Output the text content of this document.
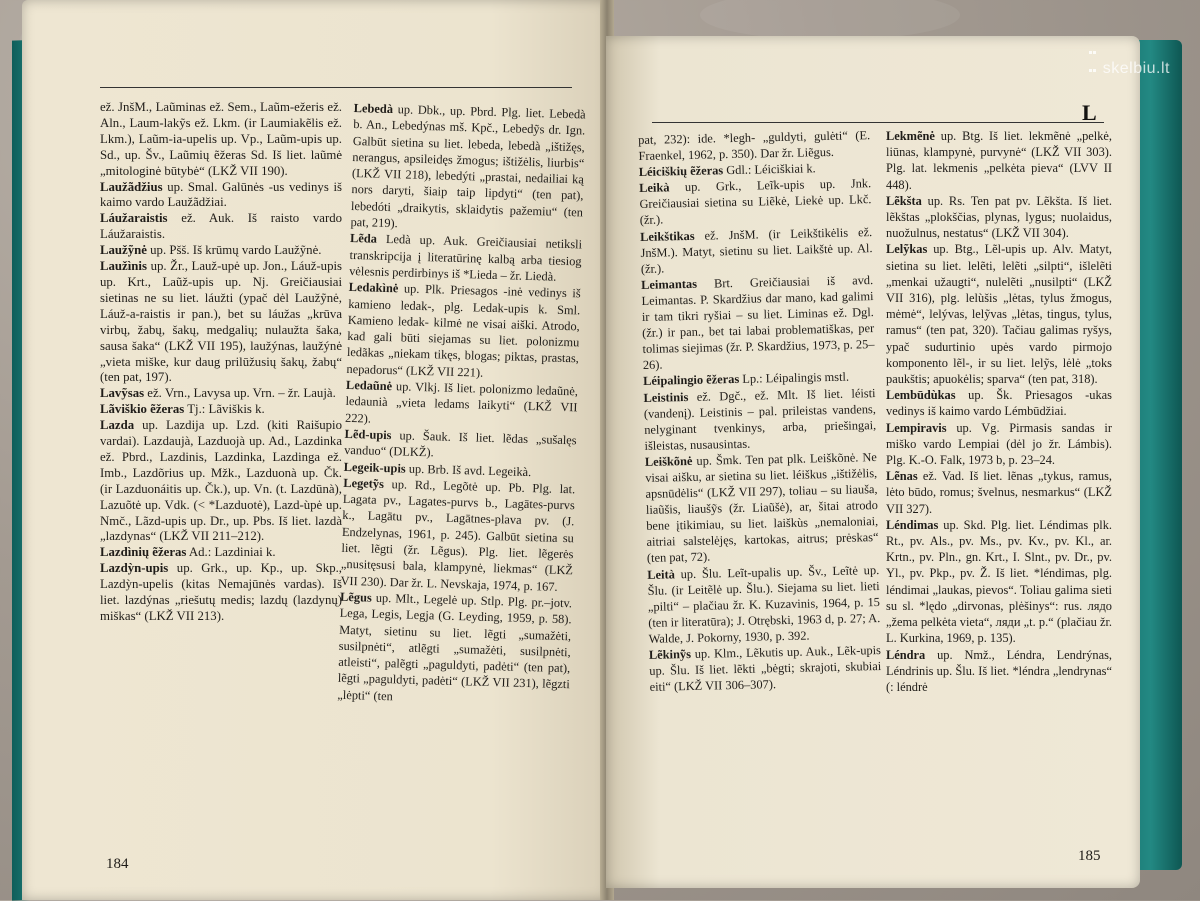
ež. JnšM., Laũminas ež. Sem., Laũm-ežeris ež. Aln., Laum-lakỹs ež. Lkm. (ir Laumiakẽlis ež. Lkm.), Laũm-ia-upelis up. Vp., Laũm-upis up. Sd., up. Šv., Laũmių ẽžeras Sd. Iš liet. laũmė „mitologinė būtybė“ (LKŽ VII 190).
Laužãdžius up. Smal. Galūnės -us vedinys iš kaimo vardo Laužãdžiai.
Láužaraistis ež. Auk. Iš raisto vardo Láužaraistis.
Laužỹnė up. Pšš. Iš krūmų vardo Laužỹnė.
Laužìnis up. Žr., Lauž-upė up. Jon., Láuž-upis up. Krt., Laũž-upis up. Nj. Greičiausiai sietinas ne su liet. láužti (ypač dėl Laužỹnė, Láuž-a-raistis ir pan.), bet su láužas „krūva virbų, žabų, šakų, medgalių; nulaužta šaka, sausa šaka“ (LKŽ VII 195), laužýnas, laužýnė „vieta miške, kur daug prilūžusių šakų, žabų“ (ten pat, 197).
Lavỹsas ež. Vrn., Lavysa up. Vrn. – žr. Laujà.
Lãviškio ẽžeras Tj.: Lãviškis k.
Lazda up. Lazdija up. Lzd. (kiti Raišupio vardai). Lazdaujà, Lazduojà up. Ad., Lazdinka ež. Pbrd., Lazdinis, Lazdinka, Lazdinga ež. Imb., Lazdõrius up. Mžk., Lazduonà up. Čk. (ir Lazduonáitis up. Čk.), up. Vn. (t. Lazdūnà), Lazuõtė up. Vdk. (< *Lazduotė), Lazd-ùpė up. Nmč., Lãzd-upis up. Dr., up. Pbs. Iš liet. lazdà „lazdynas“ (LKŽ VII 211–212).
Lazdìnių ẽžeras Ad.: Lazdiniai k.
Lazdỳn-upis up. Grk., up. Kp., up. Skp., Lazdỳn-upelis (kitas Nemajūnės vardas). Iš liet. lazdýnas „riešutų medis; lazdų (lazdynų) miškas“ (LKŽ VII 213).
Lebedà up. Dbk., up. Pbrd. Plg. liet. Lebedà b. An., Lebedýnas mš. Kpč., Lebedỹs dr. Ign. Galbūt sietina su liet. lebeda, lebedà „ištižęs, nerangus, apsileidęs žmogus; ištižėlis, liurbis“ (LKŽ VII 218), lebedýti „prastai, nedailiai ką nors daryti, šiaip taip lipdyti“ (ten pat), lebedóti „draikytis, sklaidytis pažemiu“ (ten pat, 219).
Lẽda Ledà up. Auk. Greičiausiai netiksli transkripcija į literatūrinę kalbą arba tiesiog vėlesnis perdirbinys iš *Lieda – žr. Liedà.
Ledakìnė up. Plk. Priesagos -inė vedinys iš kamieno ledak-, plg. Ledak-upis k. Sml. Kamieno ledak- kilmė ne visai aiški. Atrodo, kad gali būti siejamas su liet. polonizmu ledãkas „niekam tikęs, blogas; piktas, prastas, nepadorus“ (LKŽ VII 221).
Ledaũnė up. Vlkj. Iš liet. polonizmo ledaũnė, ledaunià „vieta ledams laikyti“ (LKŽ VII 222).
Lẽd-upis up. Šauk. Iš liet. lẽdas „sušalęs vanduo“ (DLKŽ).
Legeik-upis up. Brb. Iš avd. Legeikà.
Legetỹs up. Rd., Legõtė up. Pb. Plg. lat. Lagata pv., Lagates-purvs b., Lagātes-purvs k., Lagātu pv., Lagātnes-plava pv. (J. Endzelynas, 1961, p. 245). Galbūt sietina su liet. lẽgti (žr. Lẽgus). Plg. liet. lẽgerės „nusitęsusi bala, klampynė, liekmas“ (LKŽ VII 230). Dar žr. L. Nevskaja, 1974, p. 167.
Lẽgus up. Mlt., Legelė up. Stlp. Plg. pr.–jotv. Lega, Legis, Legja (G. Leyding, 1959, p. 58). Matyt, sietinu su liet. lẽgti „sumažėti, susilpnėti“, atlẽgti „sumažėti, susilpnėti, atleisti“, palẽgti „paguldyti, padėti“ (ten pat), lẽgti „paguldyti, padėti“ (LKŽ VII 231), lẽgzti „lėpti“ (ten
184
L
pat, 232): ide. *legh- „guldyti, gulėti“ (E. Fraenkel, 1962, p. 350). Dar žr. Liẽgus.
Léiciškių ẽžeras Gdl.: Léiciškiai k.
Leikà up. Grk., Leĩk-upis up. Jnk. Greičiausiai sietina su Liẽkė, Liekė up. Lkč. (žr.).
Leikštikas ež. JnšM. (ir Leikštikėlis ež. JnšM.). Matyt, sietinu su liet. Laikštė up. Al. (žr.).
Leimantas Brt. Greičiausiai iš avd. Leimantas. P. Skardžius dar mano, kad galimi ir tam tikri ryšiai – su liet. Liminas ež. Dgl. (žr.) ir pan., bet tai labai problematiškas, per tolimas siejimas (žr. P. Skardžius, 1973, p. 25–26).
Léipalingio ẽžeras Lp.: Léipalingis mstl.
Leistinis ež. Dgč., ež. Mlt. Iš liet. léisti (vandenį). Leistinis – pal. prileistas vandens, nelyginant tvenkinys, arba, priešingai, išleistas, nusausintas.
Leiškõnė up. Šmk. Ten pat plk. Leiškõnė. Ne visai aišku, ar sietina su liet. léiškus „ištižėlis, apsnūdėlis“ (LKŽ VII 297), toliau – su liauša, liaũšis, liaušỹs (žr. Liaũšė), ar, šitai atrodo bene įtikimiau, su liet. laiškùs „nemaloniai, aitriai salstelėjęs, kartokas, aitrus; prėskas“ (ten pat, 72).
Leità up. Šlu. Leĩt-upalis up. Šv., Leĩtė up. Šlu. (ir Leitẽlė up. Šlu.). Siejama su liet. lieti „pilti“ – plačiau žr. K. Kuzavinis, 1964, p. 15 (ten ir literatūra); J. Otrębski, 1963 d, p. 27; A. Walde, J. Pokorny, 1930, p. 392.
Lẽkinỹs up. Klm., Lẽkutis up. Auk., Lẽk-upis up. Šlu. Iš liet. lẽkti „bėgti; skrajoti, skubiai eiti“ (LKŽ VII 306–307).
Lekmẽnė up. Btg. Iš liet. lekmẽnė „pelkė, liūnas, klampynė, purvynė“ (LKŽ VII 303). Plg. lat. lekmenis „pelkėta pieva“ (LVV II 448).
Lẽkšta up. Rs. Ten pat pv. Lẽkšta. Iš liet. lẽkštas „plokščias, plynas, lygus; nuolaidus, nuožulnus, nestatus“ (LKŽ VII 304).
Lelỹkas up. Btg., Lẽl-upis up. Alv. Matyt, sietina su liet. lelẽti, lelẽti „silpti“, išlelẽti „menkai užaugti“, nulelẽti „nusilpti“ (LKŽ VII 316), plg. lelùšis „lėtas, tylus žmogus, mėmė“, lelývas, lelỹvas „lėtas, tingus, tylus, ramus“ (ten pat, 320). Tačiau galimas ryšys, ypač sudurtinio upės vardo pirmojo komponento lẽl-, ir su liet. lelỹs, lėlė „toks paukštis; apuokėlis; sparva“ (ten pat, 318).
Lembūdùkas up. Šk. Priesagos -ukas vedinys iš kaimo vardo Lémbūdžiai.
Lempiravis up. Vg. Pirmasis sandas ir miško vardo Lempiai (dėl jo žr. Lámbis). Plg. K.-O. Falk, 1973 b, p. 23–24.
Lẽnas ež. Vad. Iš liet. lẽnas „tykus, ramus, lėto būdo, romus; švelnus, nesmarkus“ (LKŽ VII 327).
Léndimas up. Skd. Plg. liet. Léndimas plk. Rt., pv. Als., pv. Ms., pv. Kv., pv. Kl., ar. Krtn., pv. Pln., gn. Krt., I. Slnt., pv. Dr., pv. Yl., pv. Pkp., pv. Ž. Iš liet. *léndimas, plg. léndimai „laukas, pievos“. Toliau galima sieti su sl. *lędo „dirvonas, plėšinys“: rus. лядо „žema pelkėta vieta“, ляди „t. p.“ (plačiau žr. L. Kurkina, 1969, p. 135).
Léndra up. Nmž., Léndra, Lendrýnas, Léndrinis up. Šlu. Iš liet. *léndra „lendrynas“ (: léndrė
185

skelbiu.lt
